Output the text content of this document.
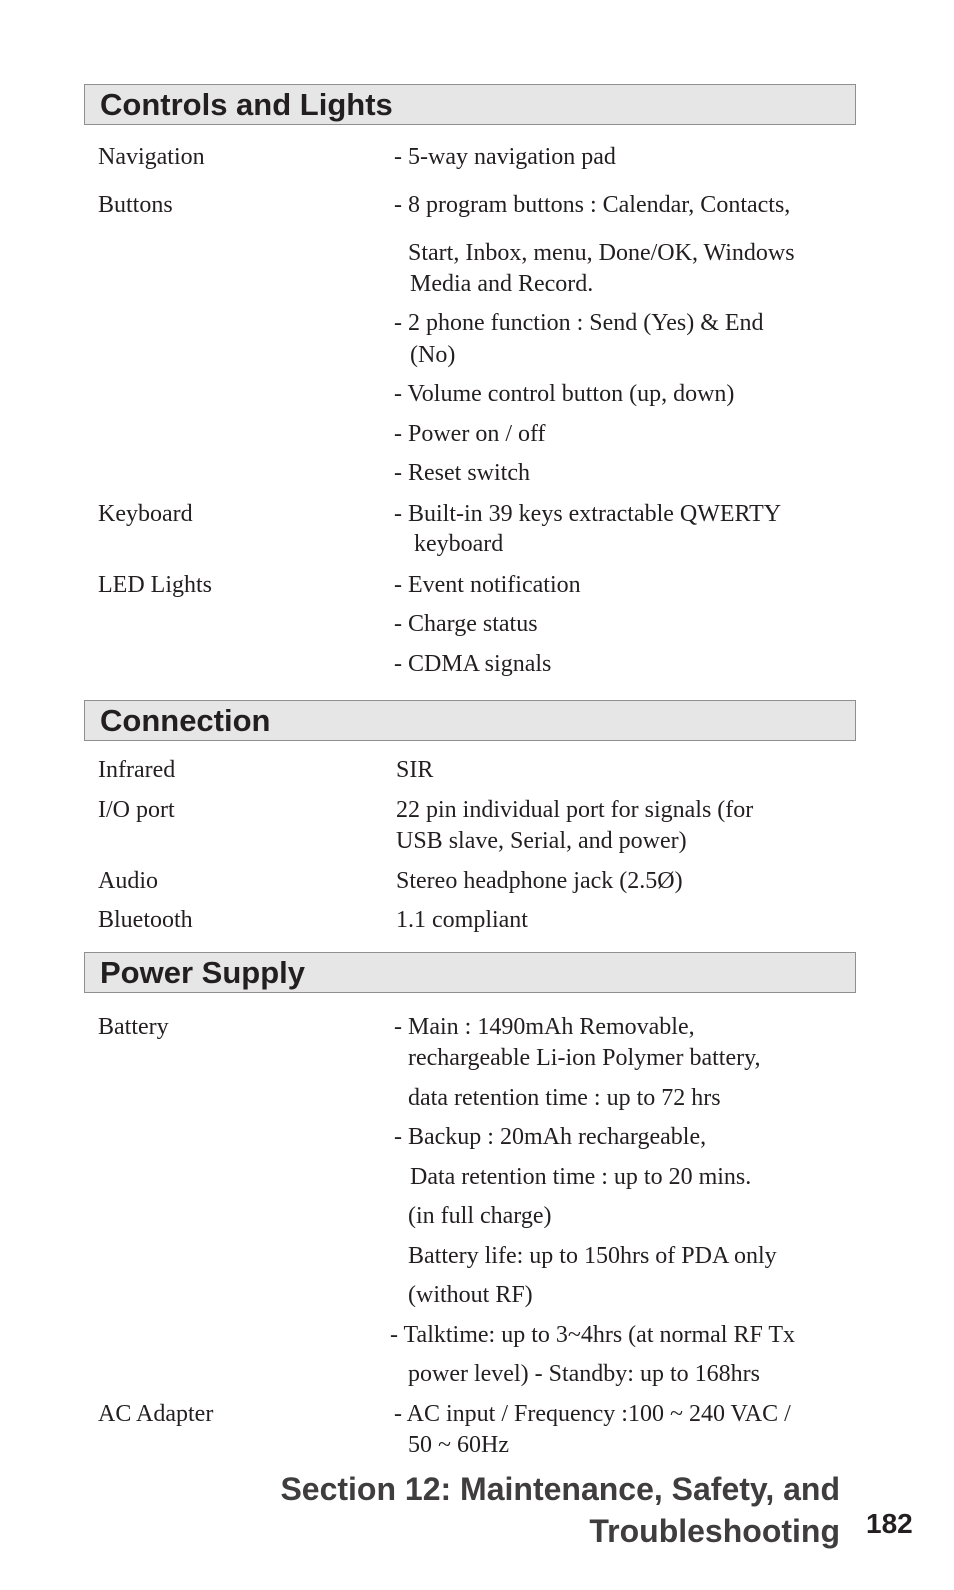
Controls and Lights
Navigation	- 5-way navigation pad
Buttons	- 8 program buttons : Calendar, Contacts,
Start, Inbox, menu, Done/OK, Windows
Media and Record.
- 2 phone function : Send (Yes) & End
(No)
- Volume control button (up, down)
- Power on / off
- Reset switch
Keyboard	- Built-in 39 keys extractable QWERTY
keyboard
LED Lights	- Event notification
- Charge status
- CDMA signals
Connection
Infrared	SIR
I/O port	22 pin individual port for signals (for
USB slave, Serial, and power)
Audio	Stereo headphone jack (2.5Ø)
Bluetooth	1.1 compliant
Power Supply
Battery	- Main : 1490mAh Removable,
rechargeable Li-ion Polymer battery,
data retention time : up to 72 hrs
- Backup : 20mAh rechargeable,
Data retention time : up to 20 mins.
(in full charge)
Battery life: up to 150hrs of PDA only
(without RF)
- Talktime: up to 3~4hrs (at normal RF Tx
power level) - Standby: up to 168hrs
AC Adapter	- AC input / Frequency :100 ~ 240 VAC /
50 ~ 60Hz
Section 12: Maintenance, Safety, and
Troubleshooting 182
